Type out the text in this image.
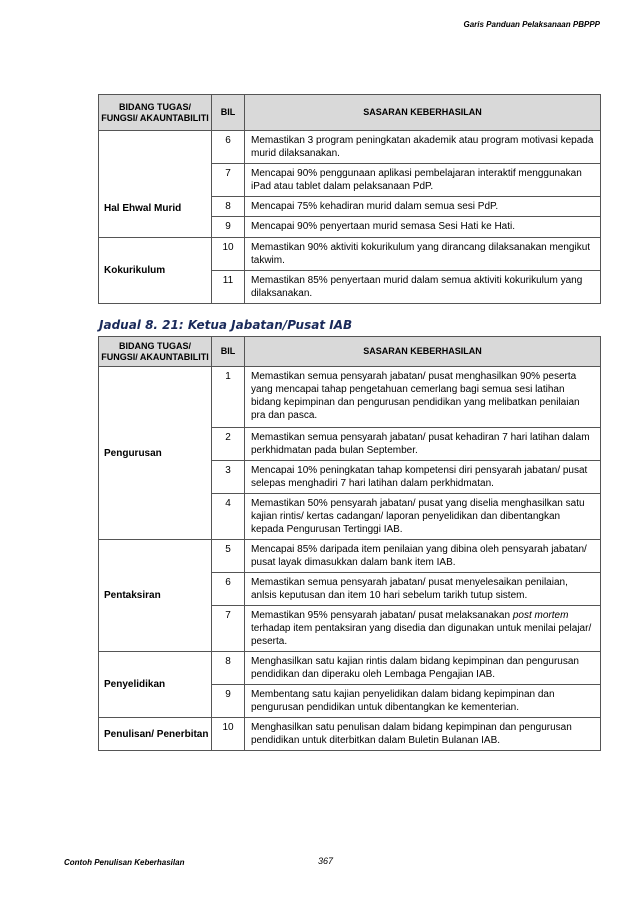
Garis Panduan Pelaksanaan PBPPP
BIDANG TUGAS/ FUNGSI/ AKAUNTABILITI	BIL	SASARAN KEBERHASILAN
Hal Ehwal Murid	6	Memastikan 3 program peningkatan akademik atau program motivasi kepada murid dilaksanakan.
	7	Mencapai 90% penggunaan aplikasi pembelajaran interaktif menggunakan iPad atau tablet dalam pelaksanaan PdP.
	8	Mencapai 75% kehadiran murid dalam semua sesi PdP.
	9	Mencapai 90% penyertaan murid semasa Sesi Hati ke Hati.
Kokurikulum	10	Memastikan 90% aktiviti kokurikulum yang dirancang dilaksanakan mengikut takwim.
	11	Memastikan 85% penyertaan murid dalam semua aktiviti kokurikulum yang dilaksanakan.
Jadual 8. 21: Ketua Jabatan/Pusat IAB
BIDANG TUGAS/ FUNGSI/ AKAUNTABILITI	BIL	SASARAN KEBERHASILAN
Pengurusan	1	Memastikan semua pensyarah jabatan/ pusat menghasilkan 90% peserta yang mencapai tahap pengetahuan cemerlang bagi semua sesi latihan bidang kepimpinan dan pengurusan pendidikan yang melibatkan penilaian pra dan pasca.
	2	Memastikan semua pensyarah jabatan/ pusat kehadiran 7 hari latihan dalam perkhidmatan pada bulan September.
	3	Mencapai 10% peningkatan tahap kompetensi diri pensyarah jabatan/ pusat selepas menghadiri 7 hari latihan dalam perkhidmatan.
	4	Memastikan 50% pensyarah jabatan/ pusat yang diselia menghasilkan satu kajian rintis/ kertas cadangan/ laporan penyelidikan dan dibentangkan kepada Pengurusan Tertinggi IAB.
Pentaksiran	5	Mencapai 85% daripada item penilaian yang dibina oleh pensyarah jabatan/ pusat layak dimasukkan dalam bank item IAB.
	6	Memastikan semua pensyarah jabatan/ pusat menyelesaikan penilaian, anlsis keputusan dan item 10 hari sebelum tarikh tutup sistem.
	7	Memastikan 95% pensyarah jabatan/ pusat melaksanakan post mortem terhadap item pentaksiran yang disedia dan digunakan untuk menilai pelajar/ peserta.
Penyelidikan	8	Menghasilkan satu kajian rintis dalam bidang kepimpinan dan pengurusan pendidikan dan diperaku oleh Lembaga Pengajian IAB.
	9	Membentang satu kajian penyelidikan dalam bidang kepimpinan dan pengurusan pendidikan untuk dibentangkan ke kementerian.
Penulisan/ Penerbitan	10	Menghasilkan satu penulisan dalam bidang kepimpinan dan pengurusan pendidikan untuk diterbitkan dalam Buletin Bulanan IAB.
Contoh Penulisan Keberhasilan	367
